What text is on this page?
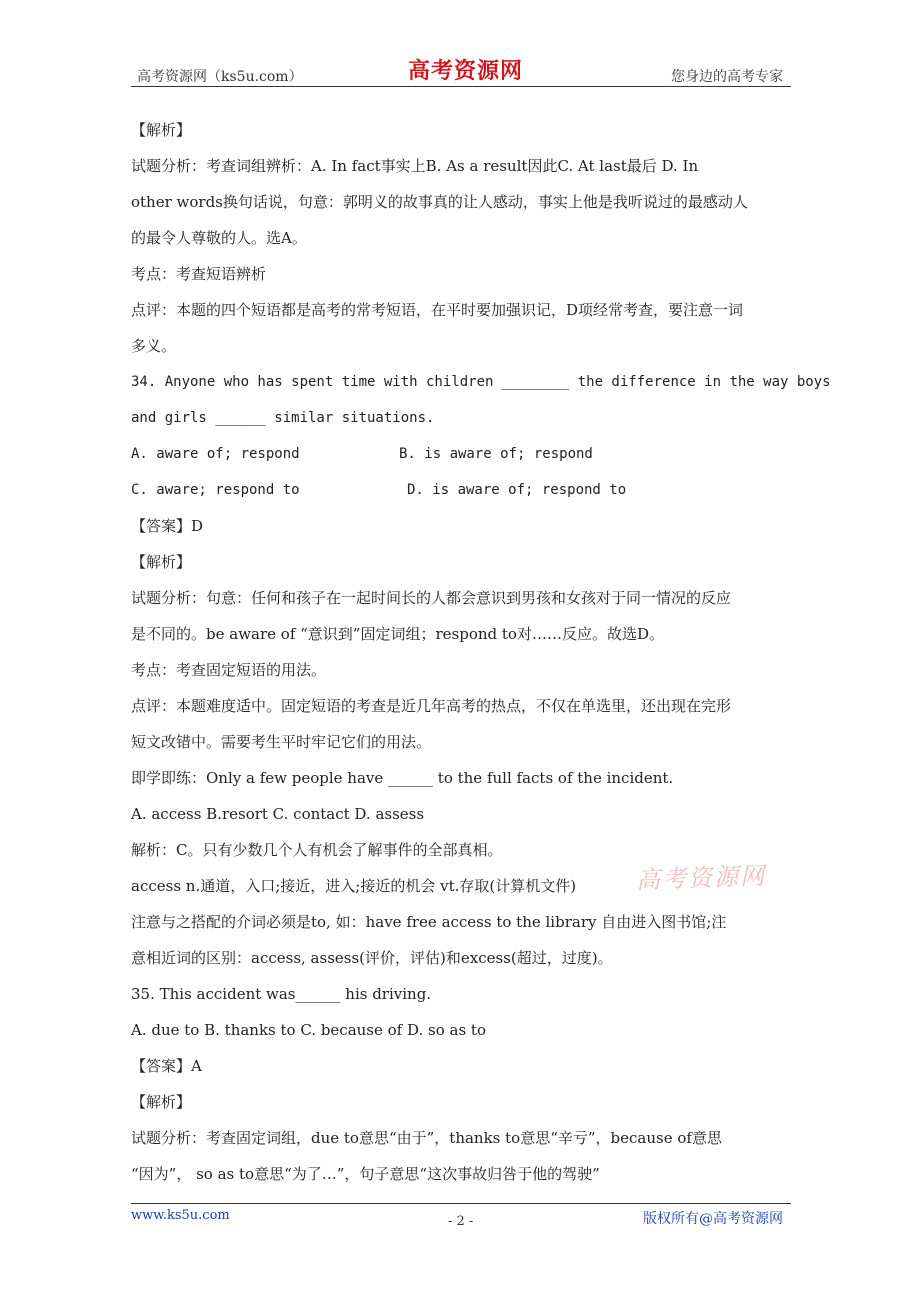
高考资源网（ks5u.com）	高考资源网	您身边的高考专家
【解析】
试题分析：考查词组辨析：A. In fact事实上B. As a result因此C. At last最后 D. In
other words换句话说，句意：郭明义的故事真的让人感动，事实上他是我听说过的最感动人
的最令人尊敬的人。选A。
考点：考查短语辨析
点评：本题的四个短语都是高考的常考短语，在平时要加强识记，D项经常考查，要注意一词
多义。
34. Anyone who has spent time with children ________ the difference in the way boys
and girls ______ similar situations.
A. aware of; respond	B. is aware of; respond
C. aware; respond to	D. is aware of; respond to
【答案】D
【解析】
试题分析：句意：任何和孩子在一起时间长的人都会意识到男孩和女孩对于同一情况的反应
是不同的。be aware of “意识到”固定词组；respond to对……反应。故选D。
考点：考查固定短语的用法。
点评：本题难度适中。固定短语的考查是近几年高考的热点，不仅在单选里，还出现在完形
短文改错中。需要考生平时牢记它们的用法。
即学即练：Only a few people have ______ to the full facts of the incident.
A. access B.resort C. contact D. assess
解析：C。只有少数几个人有机会了解事件的全部真相。
access n.通道，入口;接近，进入;接近的机会 vt.存取(计算机文件)
注意与之搭配的介词必须是to, 如：have free access to the library 自由进入图书馆;注
意相近词的区别：access, assess(评价，评估)和excess(超过，过度)。
35. This accident was______ his driving.
A. due to B. thanks to C. because of D. so as to
【答案】A
【解析】
试题分析：考查固定词组，due to意思“由于”，thanks to意思“辛亏”，because of意思
“因为”， so as to意思“为了…”，句子意思“这次事故归咎于他的驾驶”
高考资源网
www.ks5u.com	- 2 -	版权所有@高考资源网
